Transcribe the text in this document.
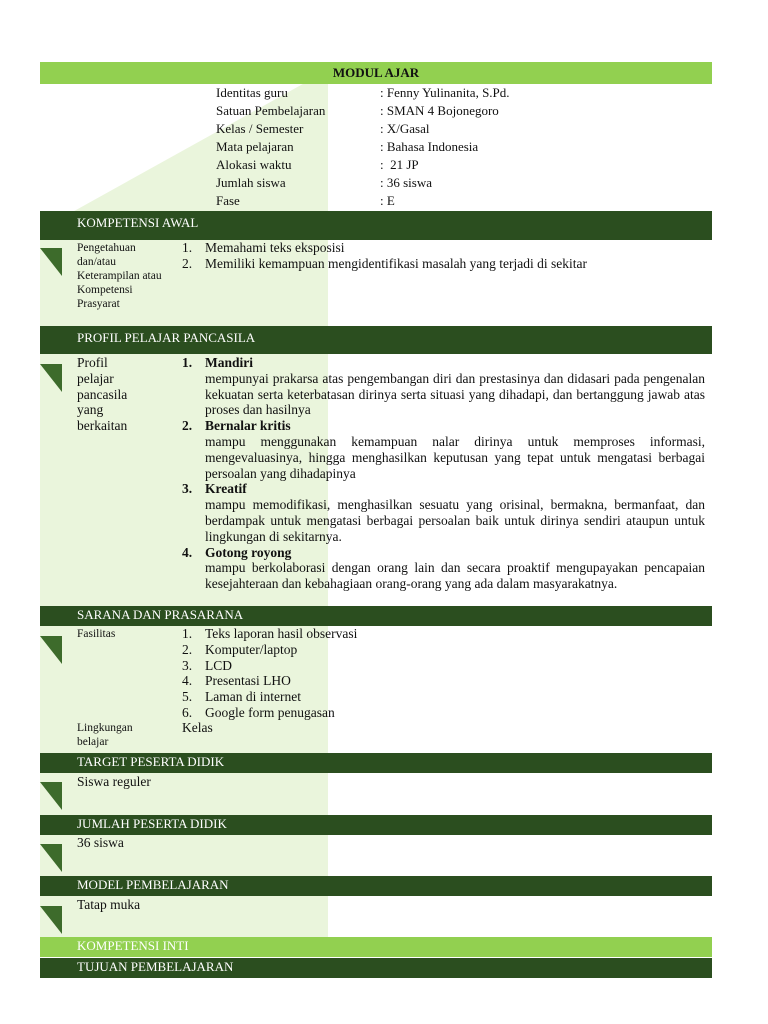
MODUL AJAR
Identitas guru	: Fenny Yulinanita, S.Pd.
Satuan Pembelajaran	: SMAN 4 Bojonegoro
Kelas / Semester	: X/Gasal
Mata pelajaran	: Bahasa Indonesia
Alokasi waktu	:  21 JP
Jumlah siswa	: 36 siswa
Fase	: E
KOMPETENSI AWAL
Pengetahuan dan/atau Keterampilan atau Kompetensi Prasyarat
1. Memahami teks eksposisi
2. Memiliki kemampuan mengidentifikasi masalah yang terjadi di sekitar
PROFIL PELAJAR PANCASILA
Profil pelajar pancasila yang berkaitan
1. Mandiri
mempunyai prakarsa atas pengembangan diri dan prestasinya dan didasari pada pengenalan kekuatan serta keterbatasan dirinya serta situasi yang dihadapi, dan bertanggung jawab atas proses dan hasilnya
2. Bernalar kritis
mampu menggunakan kemampuan nalar dirinya untuk memproses informasi, mengevaluasinya, hingga menghasilkan keputusan yang tepat untuk mengatasi berbagai persoalan yang dihadapinya
3. Kreatif
mampu memodifikasi, menghasilkan sesuatu yang orisinal, bermakna, bermanfaat, dan berdampak untuk mengatasi berbagai persoalan baik untuk dirinya sendiri ataupun untuk lingkungan di sekitarnya.
4. Gotong royong
mampu berkolaborasi dengan orang lain dan secara proaktif mengupayakan pencapaian kesejahteraan dan kebahagiaan orang-orang yang ada dalam masyarakatnya.
SARANA DAN PRASARANA
Fasilitas	1. Teks laporan hasil observasi
2. Komputer/laptop
3. LCD
4. Presentasi LHO
5. Laman di internet
6. Google form penugasan
Lingkungan belajar
Kelas
TARGET PESERTA DIDIK
Siswa reguler
JUMLAH PESERTA DIDIK
36 siswa
MODEL PEMBELAJARAN
Tatap muka
KOMPETENSI INTI
TUJUAN PEMBELAJARAN
